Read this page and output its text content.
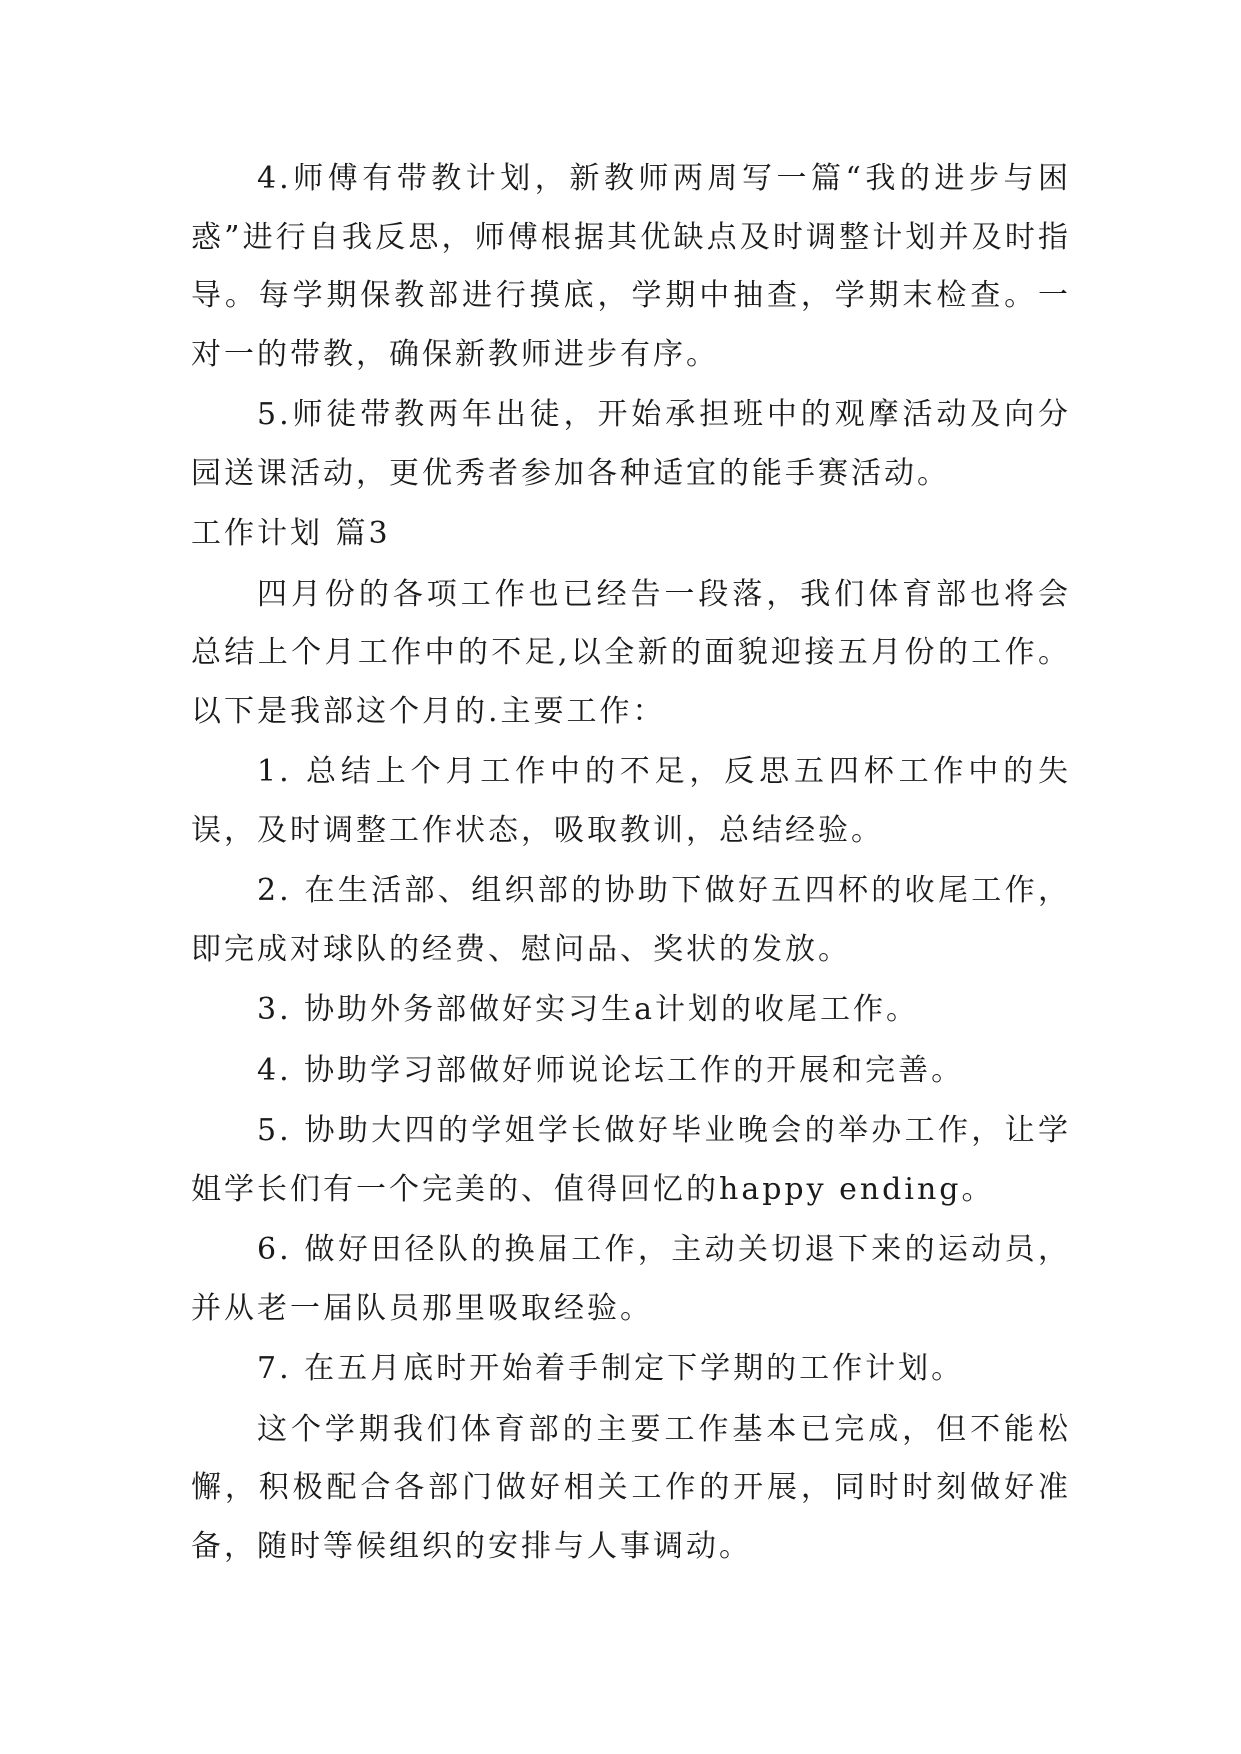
4.师傅有带教计划，新教师两周写一篇“我的进步与困惑”进行自我反思，师傅根据其优缺点及时调整计划并及时指导。每学期保教部进行摸底，学期中抽查，学期末检查。一对一的带教，确保新教师进步有序。

5.师徒带教两年出徒，开始承担班中的观摩活动及向分园送课活动，更优秀者参加各种适宜的能手赛活动。

工作计划 篇3

四月份的各项工作也已经告一段落，我们体育部也将会总结上个月工作中的不足,以全新的面貌迎接五月份的工作。以下是我部这个月的.主要工作：

1. 总结上个月工作中的不足，反思五四杯工作中的失误，及时调整工作状态，吸取教训，总结经验。

2. 在生活部、组织部的协助下做好五四杯的收尾工作，即完成对球队的经费、慰问品、奖状的发放。

3. 协助外务部做好实习生a计划的收尾工作。

4. 协助学习部做好师说论坛工作的开展和完善。

5. 协助大四的学姐学长做好毕业晚会的举办工作，让学姐学长们有一个完美的、值得回忆的happy ending。

6. 做好田径队的换届工作，主动关切退下来的运动员，并从老一届队员那里吸取经验。

7. 在五月底时开始着手制定下学期的工作计划。

这个学期我们体育部的主要工作基本已完成，但不能松懈，积极配合各部门做好相关工作的开展，同时时刻做好准备，随时等候组织的安排与人事调动。
